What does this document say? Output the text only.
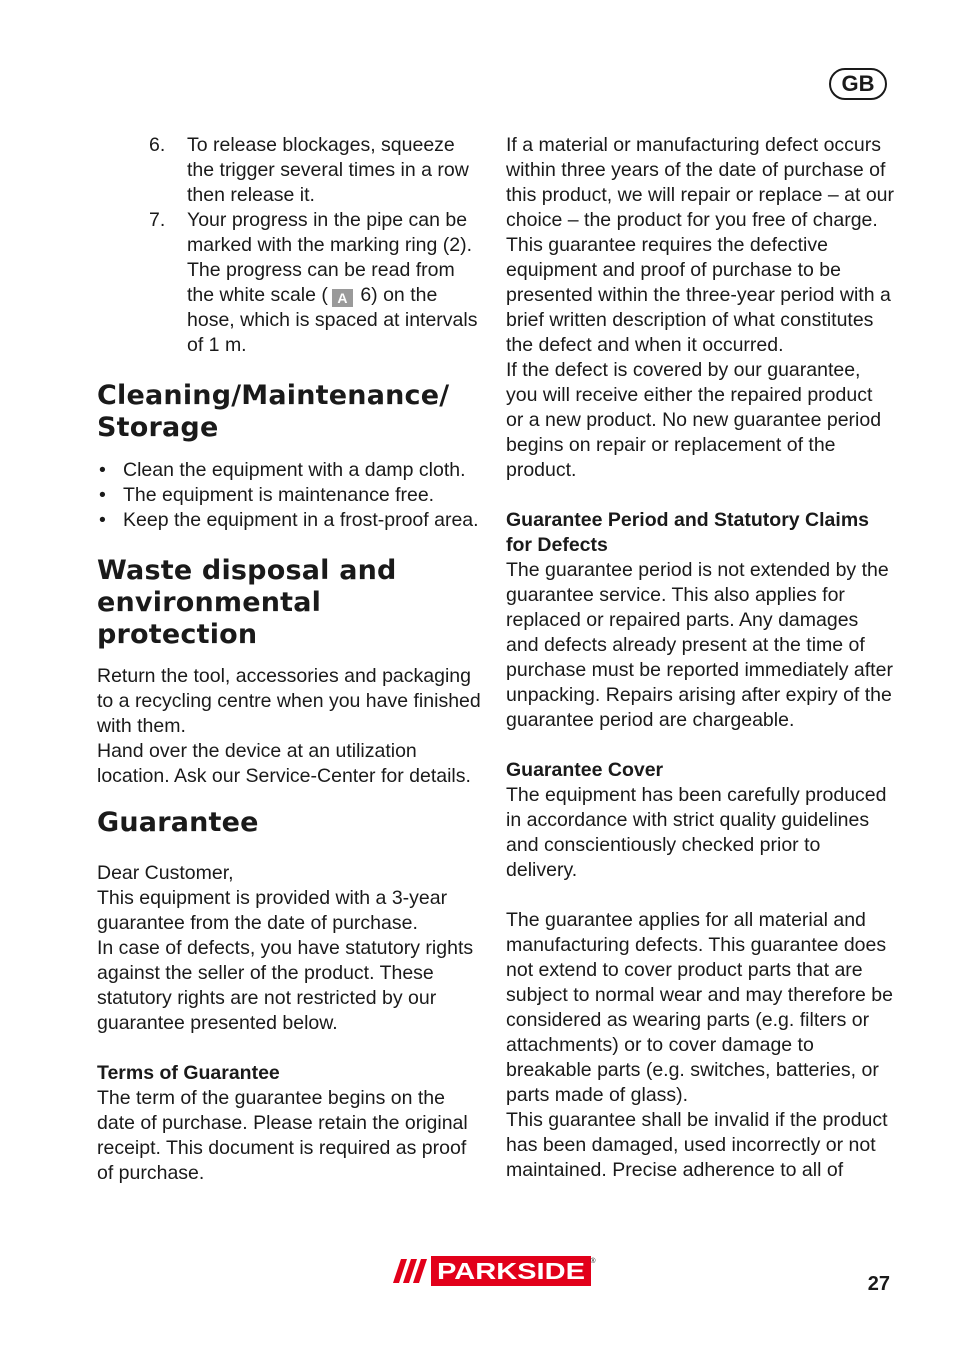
GB
6. To release blockages, squeeze the trigger several times in a row then release it.
7. Your progress in the pipe can be marked with the marking ring (2). The progress can be read from the white scale ( A 6) on the hose, which is spaced at intervals of 1 m.
Cleaning/Maintenance/ Storage
• Clean the equipment with a damp cloth.
• The equipment is maintenance free.
• Keep the equipment in a frost-proof area.
Waste disposal and environmental protection

Return the tool, accessories and packaging to a recycling centre when you have finished with them.

Hand over the device at an utilization location. Ask our Service-Center for details.

Guarantee

Dear Customer,

This equipment is provided with a 3-year guarantee from the date of purchase.

In case of defects, you have statutory rights against the seller of the product. These statutory rights are not restricted by our guarantee presented below.

Terms of Guarantee

The term of the guarantee begins on the date of purchase. Please retain the original receipt. This document is required as proof of purchase.

If a material or manufacturing defect occurs within three years of the date of purchase of this product, we will repair or replace – at our choice – the product for you free of charge. This guarantee requires the defective equipment and proof of purchase to be presented within the three-year period with a brief written description of what constitutes the defect and when it occurred.

If the defect is covered by our guarantee, you will receive either the repaired product or a new product. No new guarantee period begins on repair or replacement of the product.

Guarantee Period and Statutory Claims for Defects

The guarantee period is not extended by the guarantee service. This also applies for replaced or repaired parts. Any damages and defects already present at the time of purchase must be reported immediately after unpacking. Repairs arising after expiry of the guarantee period are chargeable.

Guarantee Cover

The equipment has been carefully produced in accordance with strict quality guidelines and conscientiously checked prior to delivery.

The guarantee applies for all material and manufacturing defects. This guarantee does not extend to cover product parts that are subject to normal wear and may therefore be considered as wearing parts (e.g. filters or attachments) or to cover damage to breakable parts (e.g. switches, batteries, or parts made of glass).

This guarantee shall be invalid if the product has been damaged, used incorrectly or not maintained. Precise adherence to all of

PARKSIDE ®
27
